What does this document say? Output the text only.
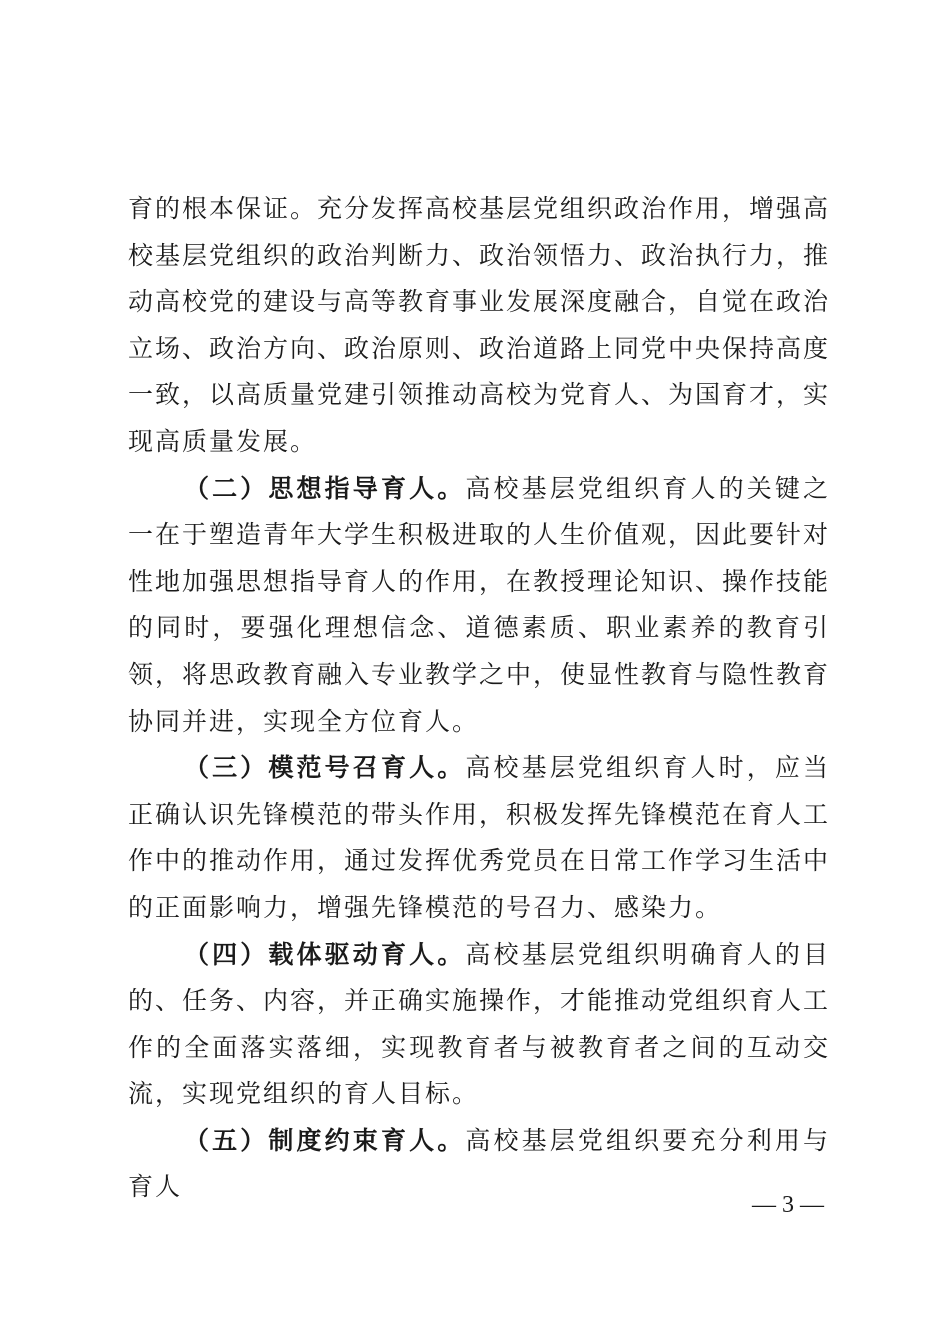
育的根本保证。充分发挥高校基层党组织政治作用，增强高校基层党组织的政治判断力、政治领悟力、政治执行力，推动高校党的建设与高等教育事业发展深度融合，自觉在政治立场、政治方向、政治原则、政治道路上同党中央保持高度一致，以高质量党建引领推动高校为党育人、为国育才，实现高质量发展。

（二）思想指导育人。高校基层党组织育人的关键之一在于塑造青年大学生积极进取的人生价值观，因此要针对性地加强思想指导育人的作用，在教授理论知识、操作技能的同时，要强化理想信念、道德素质、职业素养的教育引领，将思政教育融入专业教学之中，使显性教育与隐性教育协同并进，实现全方位育人。

（三）模范号召育人。高校基层党组织育人时，应当正确认识先锋模范的带头作用，积极发挥先锋模范在育人工作中的推动作用，通过发挥优秀党员在日常工作学习生活中的正面影响力，增强先锋模范的号召力、感染力。

（四）载体驱动育人。高校基层党组织明确育人的目的、任务、内容，并正确实施操作，才能推动党组织育人工作的全面落实落细，实现教育者与被教育者之间的互动交流，实现党组织的育人目标。

（五）制度约束育人。高校基层党组织要充分利用与育人

— 3 —
